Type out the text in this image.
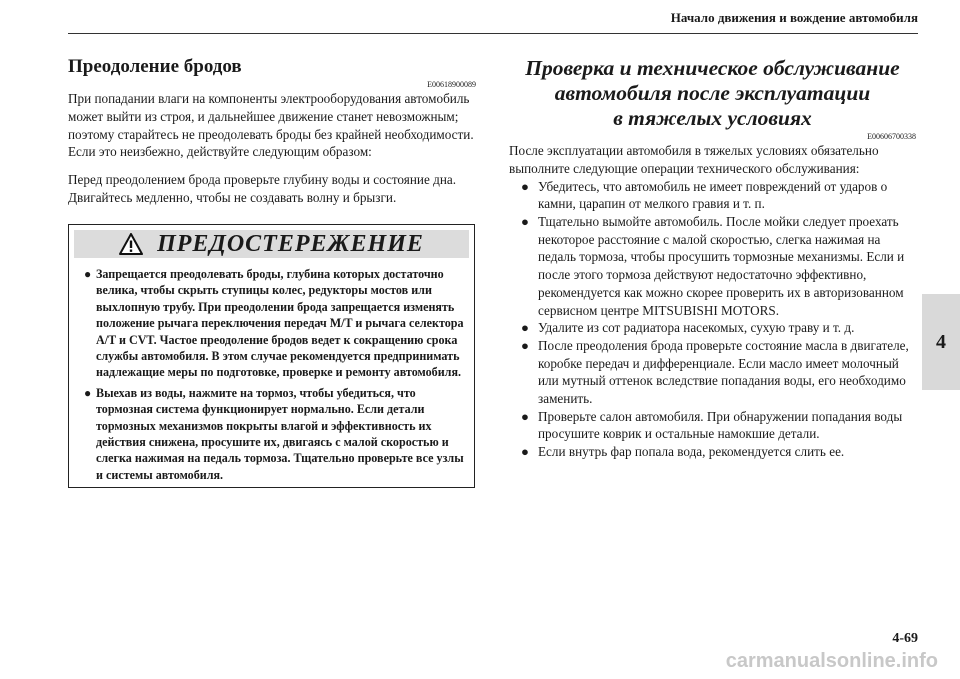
Начало движения и вождение автомобиля
4
Преодоление бродов
E00618900089

При попадании влаги на компоненты электрооборудования автомобиль может выйти из строя, и дальнейшее движение станет невозможным; поэтому старайтесь не преодолевать броды без крайней необходимости. Если это неизбежно, действуйте следующим образом:

Перед преодолением брода проверьте глубину воды и состояние дна. Двигайтесь медленно, чтобы не создавать волну и брызги.

ПРЕДОСТЕРЕЖЕНИЕ
● Запрещается преодолевать броды, глубина которых достаточно велика, чтобы скрыть ступицы колес, редукторы мостов или выхлопную трубу. При преодолении брода запрещается изменять положение рычага переключения передач M/T и рычага селектора A/T и CVT. Частое преодоление бродов ведет к сокращению срока службы автомобиля. В этом случае рекомендуется предпринимать надлежащие меры по подготовке, проверке и ремонту автомобиля.
● Выехав из воды, нажмите на тормоз, чтобы убедиться, что тормозная система функционирует нормально. Если детали тормозных механизмов покрыты влагой и эффективность их действия снижена, просушите их, двигаясь с малой скоростью и слегка нажимая на педаль тормоза. Тщательно проверьте все узлы и системы автомобиля.
Проверка и техническое обслуживание
автомобиля после эксплуатации
в тяжелых условиях
E00606700338

После эксплуатации автомобиля в тяжелых условиях обязательно выполните следующие операции технического обслуживания:

● Убедитесь, что автомобиль не имеет повреждений от ударов о камни, царапин от мелкого гравия и т. п.
● Тщательно вымойте автомобиль. После мойки следует проехать некоторое расстояние с малой скоростью, слегка нажимая на педаль тормоза, чтобы просушить тормозные механизмы. Если и после этого тормоза действуют недостаточно эффективно, рекомендуется как можно скорее проверить их в авторизованном сервисном центре MITSUBISHI MOTORS.
● Удалите из сот радиатора насекомых, сухую траву и т. д.
● После преодоления брода проверьте состояние масла в двигателе, коробке передач и дифференциале. Если масло имеет молочный или мутный оттенок вследствие попадания воды, его необходимо заменить.
● Проверьте салон автомобиля. При обнаружении попадания воды просушите коврик и остальные намокшие детали.
● Если внутрь фар попала вода, рекомендуется слить ее.
4-69
carmanualsonline.info
